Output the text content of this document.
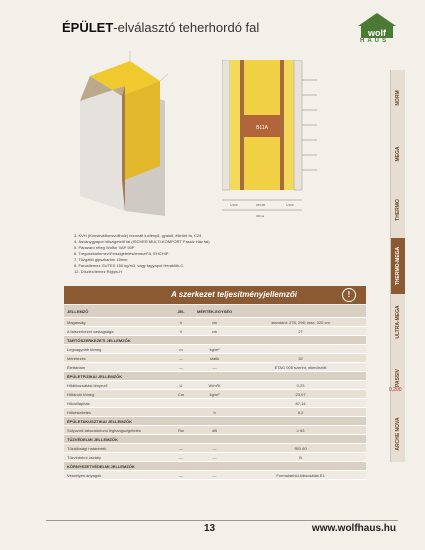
ÉPÜLET-elválasztó teherhordó fal	wolf
HAUS
B11A
1/100	25/100	1/100
32/ms
3. KVH (Konstruktionsvollholz) rezonált lucfenyő, gyalult, élletört fa, C24
4. Ásványgyapot hőszigetelő fal (ISOVER MULTI-KOMFORT Passiv Ház fal)
5. Párazáró réteg Wolfor VAP 50P
6. Tregoszkárlemez/Felszigetelés/lemez/FA, EHCHIP
7. Tűzgátló gipszkarton 15mm
8. Farostlemez GUTEX 150 kg/m3, vagy fagyapot Heraklith-C
12. Díszléc/lemez Rigips-H
NORM
MEGA
THERMO
THERMO-MEGA
ULTRA-MEGA
PASSIV
ARCHE NOVA
0,200
A szerkezet teljesítményjellemzői	!
JELLEMZŐ	JEL	MÉRTÉK-EGYSÉG	
Magasság	h	cm	standard: 278, 298; max. 320 cm
A falszerkezet vastagsága	V	cm	27
TARTÓSZERKEZETI JELLEMZŐK			
Legnagyobb tömeg	m	kg/m²	
Méretezés	—	statik	32
Élettartam	—	—	ETAG 005 szerint, ellenőrzött
ÉPÜLETFIZIKAI JELLEMZŐK			
Hőátbocsátási tényező	U	W/m²K	0,23
Hőtároló tömeg	Cm	kg/m²	23,07
Hőcsillapítás			87,14
Hőkésleltetés		h	8,2
ÉPÜLETAKUSZTIKAI JELLEMZŐK			
Súlyozott laboratóriumi léghangszigetelés	Rw	dB	≥ 63
TŰZVÉDELMI JELLEMZŐK			
Tűzállósági határérték	—	—	REI 60
Tűzvédelmi osztály	—	—	B
KÖRNYEZETVÉDELMI JELLEMZŐK			
Veszélyes anyagok	—	—	Formaldehid-kibocsátás E1
13	www.wolfhaus.hu
